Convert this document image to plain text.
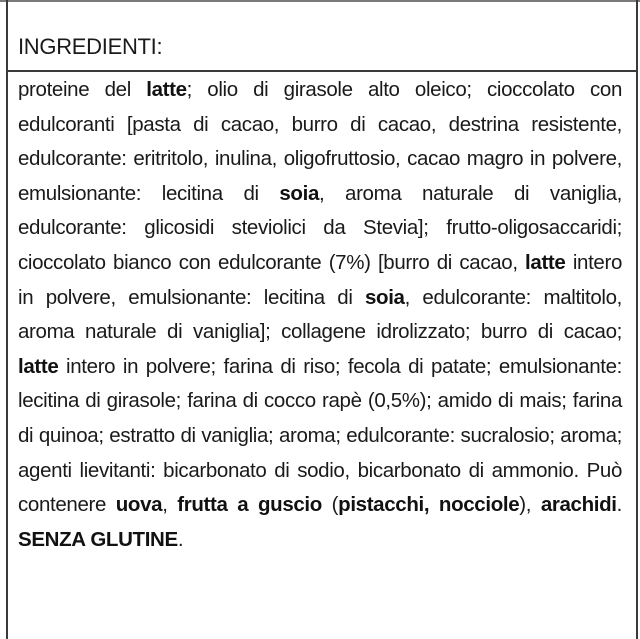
INGREDIENTI:

proteine del latte; olio di girasole alto oleico; cioccolato con edulcoranti [pasta di cacao, burro di cacao, destrina resistente, edulcorante: eritritolo, inulina, oligofruttosio, cacao magro in polvere, emulsionante: lecitina di soia, aroma naturale di vaniglia, edulcorante: glicosidi steviolici da Stevia]; frutto-oligosaccaridi; cioccolato bianco con edulcorante (7%) [burro di cacao, latte intero in polvere, emulsionante: lecitina di soia, edulcorante: maltitolo, aroma naturale di vaniglia]; collagene idrolizzato; burro di cacao; latte intero in polvere; farina di riso; fecola di patate; emulsionante: lecitina di girasole; farina di cocco rapè (0,5%); amido di mais; farina di quinoa; estratto di vaniglia; aroma; edulcorante: sucralosio; aroma; agenti lievitanti: bicarbonato di sodio, bicarbonato di ammonio. Può contenere uova, frutta a guscio (pistacchi, nocciole), arachidi. SENZA GLUTINE.
